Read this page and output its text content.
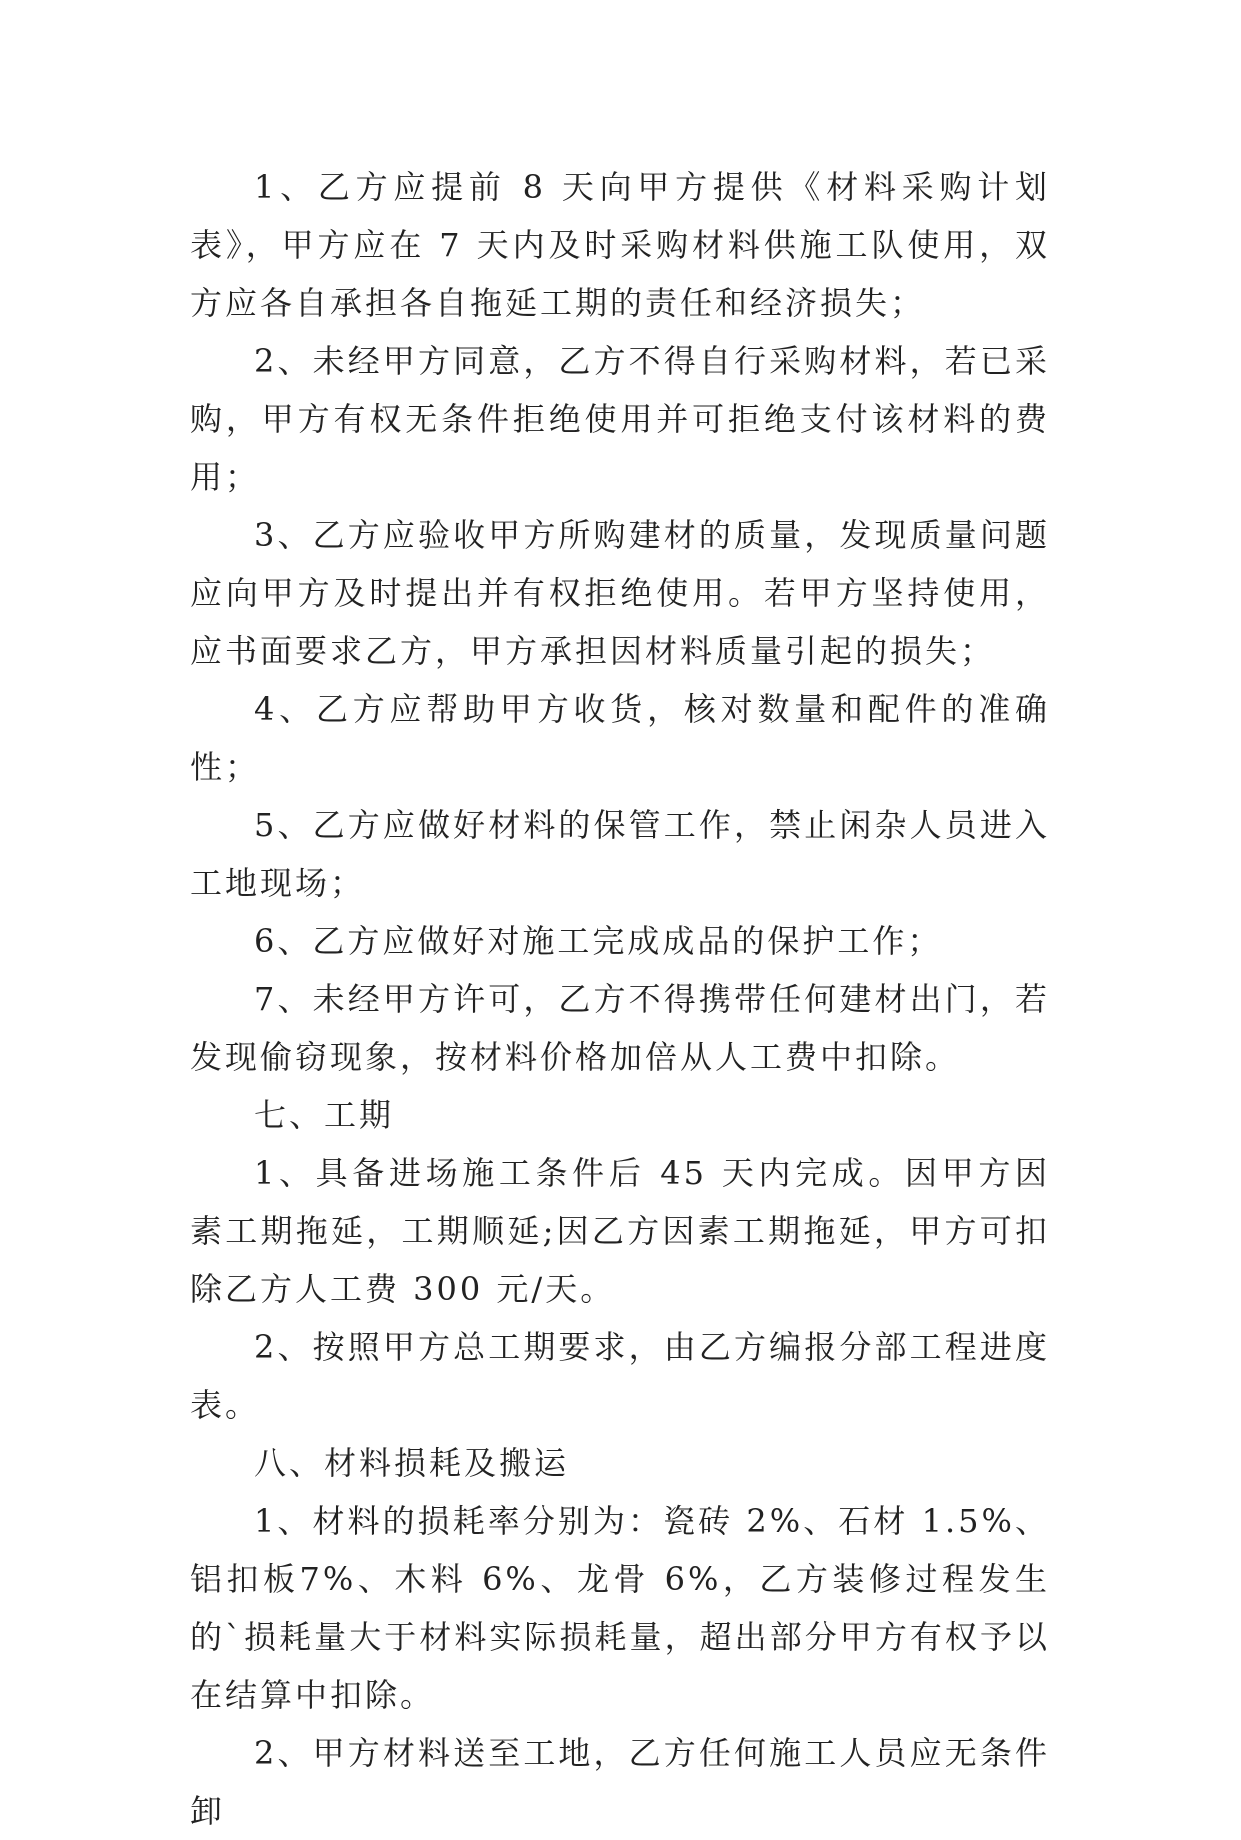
1、乙方应提前 8 天向甲方提供《材料采购计划表》，甲方应在 7 天内及时采购材料供施工队使用，双方应各自承担各自拖延工期的责任和经济损失；

2、未经甲方同意，乙方不得自行采购材料，若已采购，甲方有权无条件拒绝使用并可拒绝支付该材料的费用；

3、乙方应验收甲方所购建材的质量，发现质量问题应向甲方及时提出并有权拒绝使用。若甲方坚持使用，应书面要求乙方，甲方承担因材料质量引起的损失；

4、乙方应帮助甲方收货，核对数量和配件的准确性；

5、乙方应做好材料的保管工作，禁止闲杂人员进入工地现场；

6、乙方应做好对施工完成成品的保护工作；

7、未经甲方许可，乙方不得携带任何建材出门，若发现偷窃现象，按材料价格加倍从人工费中扣除。

七、工期

1、具备进场施工条件后 45 天内完成。因甲方因素工期拖延，工期顺延;因乙方因素工期拖延，甲方可扣除乙方人工费 300 元/天。

2、按照甲方总工期要求，由乙方编报分部工程进度表。

八、材料损耗及搬运

1、材料的损耗率分别为：瓷砖 2%、石材 1.5%、铝扣板7%、木料 6%、龙骨 6%，乙方装修过程发生的`损耗量大于材料实际损耗量，超出部分甲方有权予以在结算中扣除。

2、甲方材料送至工地，乙方任何施工人员应无条件卸
